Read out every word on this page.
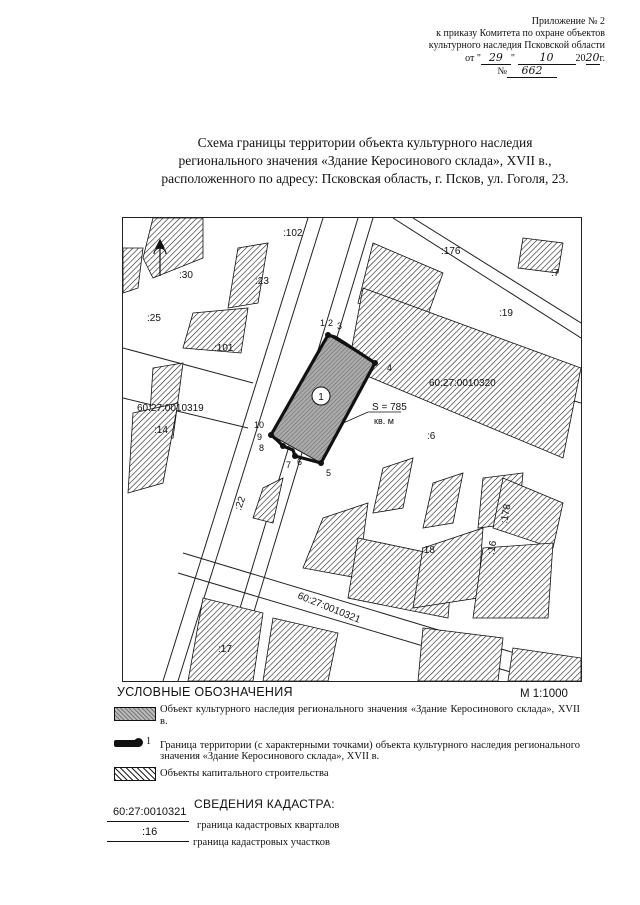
Приложение № 2
к приказу Комитета по охране объектов
культурного наследия Псковской области
от " 29 " 10 2020г.
№ 662
Схема границы территории объекта культурного наследия
регионального значения «Здание Керосинового склада», XVII в.,
расположенного по адресу: Псковская область, г. Псков, ул. Гоголя, 23.
:102
:176
:7
:30
:23
:25
:101
:19
:14
:6
:22
:18	:16
:178
:17
60:27:0010320
60:27:0010319
60:27:0010321
1
S = 785
кв. м
1 2 3
4
5
6
7
8
9
10
УСЛОВНЫЕ ОБОЗНАЧЕНИЯ	М 1:1000
Объект культурного наследия регионального значения «Здание Керосинового склада», XVII в.
1 Граница территории (с характерными точками) объекта культурного наследия регионального значения «Здание Керосинового склада», XVII в.
Объекты капитального строительства
СВЕДЕНИЯ КАДАСТРА:
60:27:0010321
граница кадастровых кварталов
:16
граница кадастровых участков
